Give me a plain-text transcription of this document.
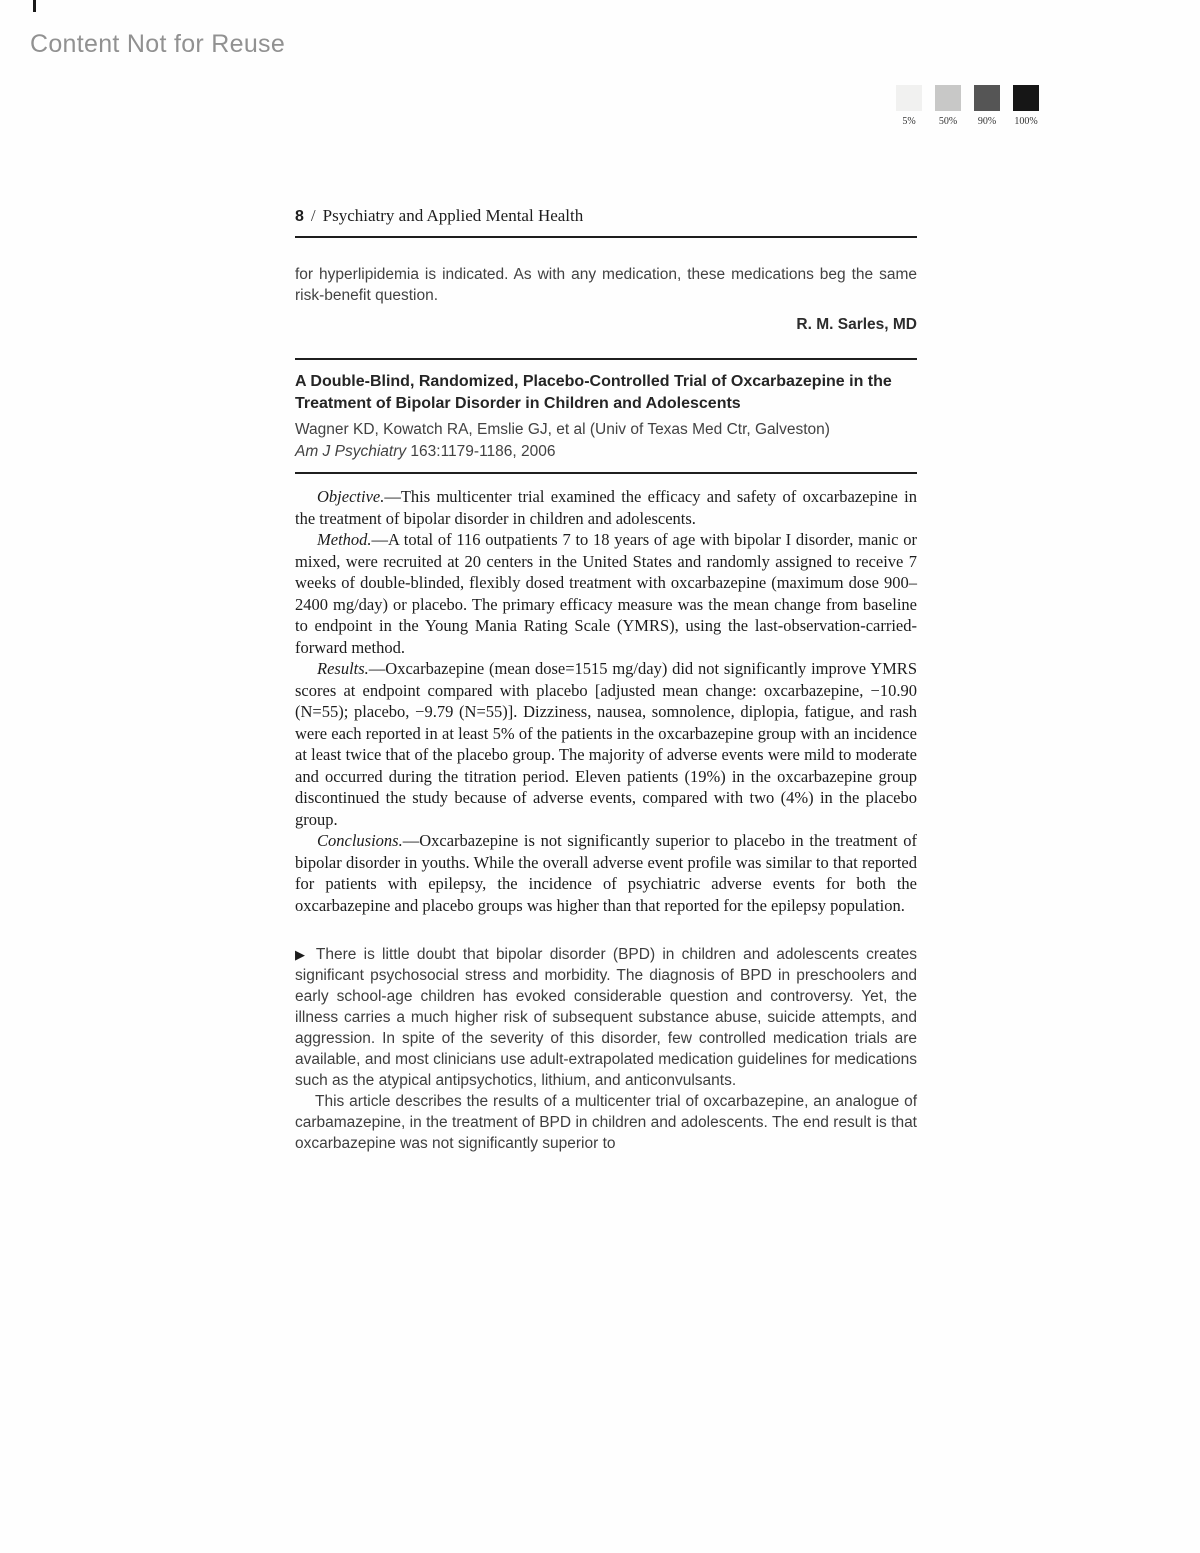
Content Not for Reuse
5% 50% 90% 100%
8 / Psychiatry and Applied Mental Health

for hyperlipidemia is indicated. As with any medication, these medications beg the same risk-benefit question.

R. M. Sarles, MD
A Double-Blind, Randomized, Placebo-Controlled Trial of Oxcarbazepine in the Treatment of Bipolar Disorder in Children and Adolescents

Wagner KD, Kowatch RA, Emslie GJ, et al (Univ of Texas Med Ctr, Galveston)

Am J Psychiatry 163:1179-1186, 2006

Objective.—This multicenter trial examined the efficacy and safety of oxcarbazepine in the treatment of bipolar disorder in children and adolescents.

Method.—A total of 116 outpatients 7 to 18 years of age with bipolar I disorder, manic or mixed, were recruited at 20 centers in the United States and randomly assigned to receive 7 weeks of double-blinded, flexibly dosed treatment with oxcarbazepine (maximum dose 900–2400 mg/day) or placebo. The primary efficacy measure was the mean change from baseline to endpoint in the Young Mania Rating Scale (YMRS), using the last-observation-carried-forward method.

Results.—Oxcarbazepine (mean dose=1515 mg/day) did not significantly improve YMRS scores at endpoint compared with placebo [adjusted mean change: oxcarbazepine, −10.90 (N=55); placebo, −9.79 (N=55)]. Dizziness, nausea, somnolence, diplopia, fatigue, and rash were each reported in at least 5% of the patients in the oxcarbazepine group with an incidence at least twice that of the placebo group. The majority of adverse events were mild to moderate and occurred during the titration period. Eleven patients (19%) in the oxcarbazepine group discontinued the study because of adverse events, compared with two (4%) in the placebo group.

Conclusions.—Oxcarbazepine is not significantly superior to placebo in the treatment of bipolar disorder in youths. While the overall adverse event profile was similar to that reported for patients with epilepsy, the incidence of psychiatric adverse events for both the oxcarbazepine and placebo groups was higher than that reported for the epilepsy population.

▶ There is little doubt that bipolar disorder (BPD) in children and adolescents creates significant psychosocial stress and morbidity. The diagnosis of BPD in preschoolers and early school-age children has evoked considerable question and controversy. Yet, the illness carries a much higher risk of subsequent substance abuse, suicide attempts, and aggression. In spite of the severity of this disorder, few controlled medication trials are available, and most clinicians use adult-extrapolated medication guidelines for medications such as the atypical antipsychotics, lithium, and anticonvulsants.

This article describes the results of a multicenter trial of oxcarbazepine, an analogue of carbamazepine, in the treatment of BPD in children and adolescents. The end result is that oxcarbazepine was not significantly superior to
